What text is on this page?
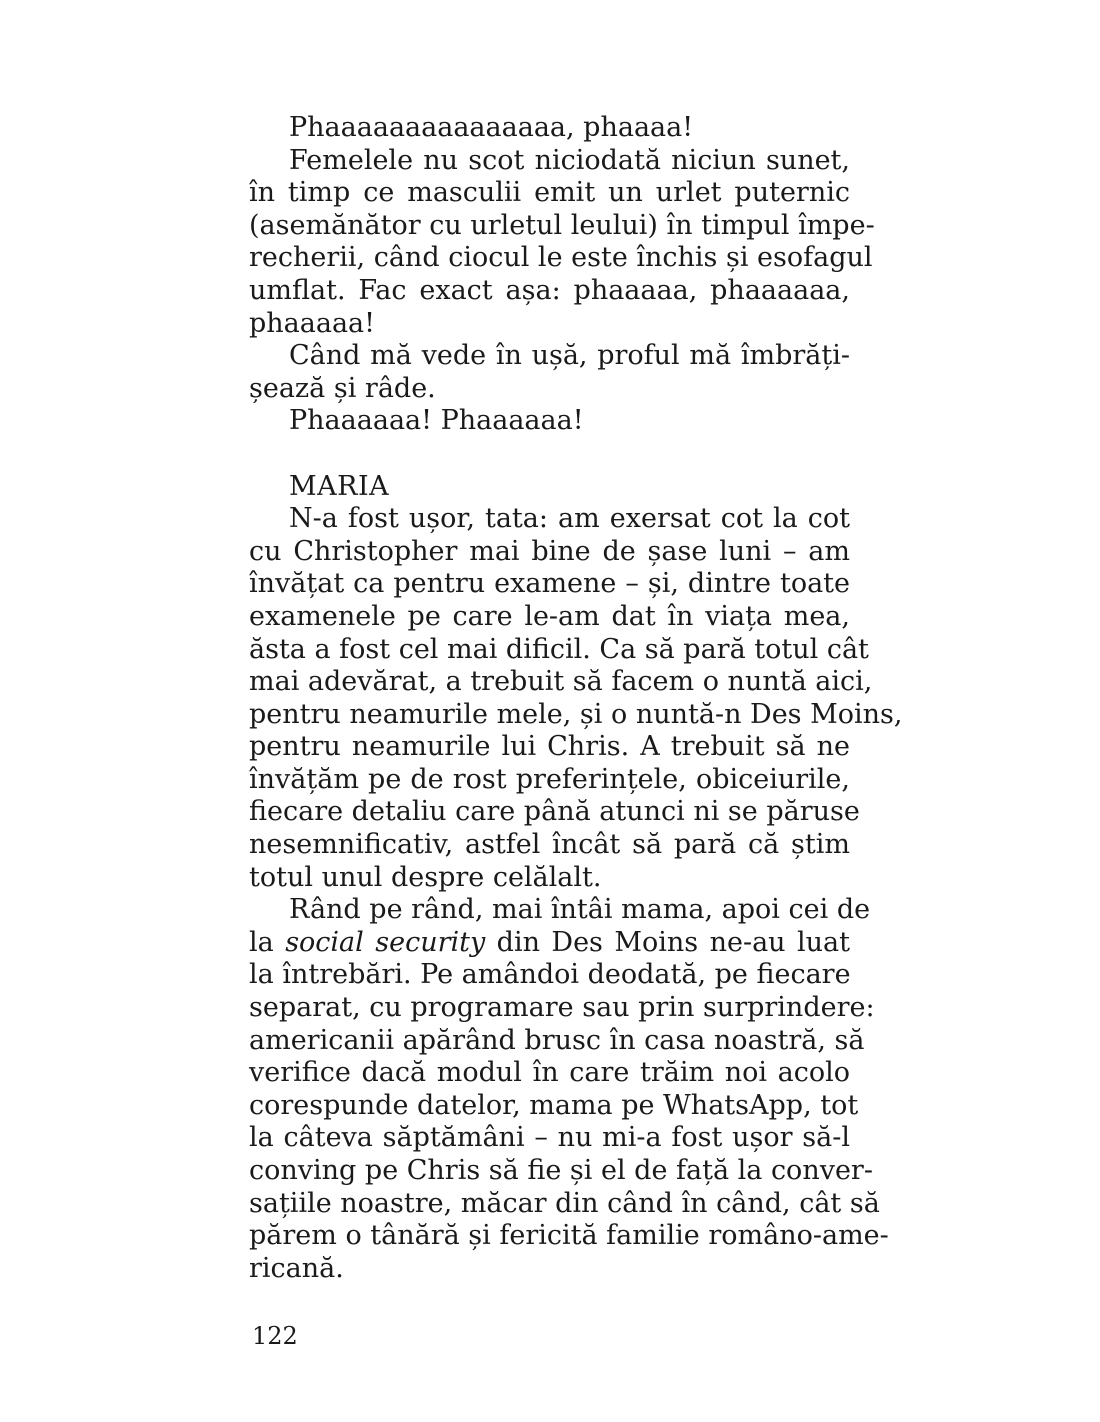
Phaaaaaaaaaaaaaaa, phaaaa!
Femelele nu scot niciodată niciun sunet,
în timp ce masculii emit un urlet puternic
(asemănător cu urletul leului) în timpul împe-
recherii, când ciocul le este închis și esofagul
umflat. Fac exact așa: phaaaaa, phaaaaaa,
phaaaaa!
Când mă vede în ușă, proful mă îmbrăți-
șează și râde.
Phaaaaaa! Phaaaaaa!
MARIA
N-a fost ușor, tata: am exersat cot la cot
cu Christopher mai bine de șase luni – am
învățat ca pentru examene – și, dintre toate
examenele pe care le-am dat în viața mea,
ăsta a fost cel mai dificil. Ca să pară totul cât
mai adevărat, a trebuit să facem o nuntă aici,
pentru neamurile mele, și o nuntă-n Des Moins,
pentru neamurile lui Chris. A trebuit să ne
învățăm pe de rost preferințele, obiceiurile,
fiecare detaliu care până atunci ni se păruse
nesemnificativ, astfel încât să pară că știm
totul unul despre celălalt.
Rând pe rând, mai întâi mama, apoi cei de
la social security din Des Moins ne-au luat
la întrebări. Pe amândoi deodată, pe fiecare
separat, cu programare sau prin surprindere:
americanii apărând brusc în casa noastră, să
verifice dacă modul în care trăim noi acolo
corespunde datelor, mama pe WhatsApp, tot
la câteva săptămâni – nu mi-a fost ușor să-l
conving pe Chris să fie și el de față la conver-
sațiile noastre, măcar din când în când, cât să
părem o tânără și fericită familie româno-ame-
ricană.
122
